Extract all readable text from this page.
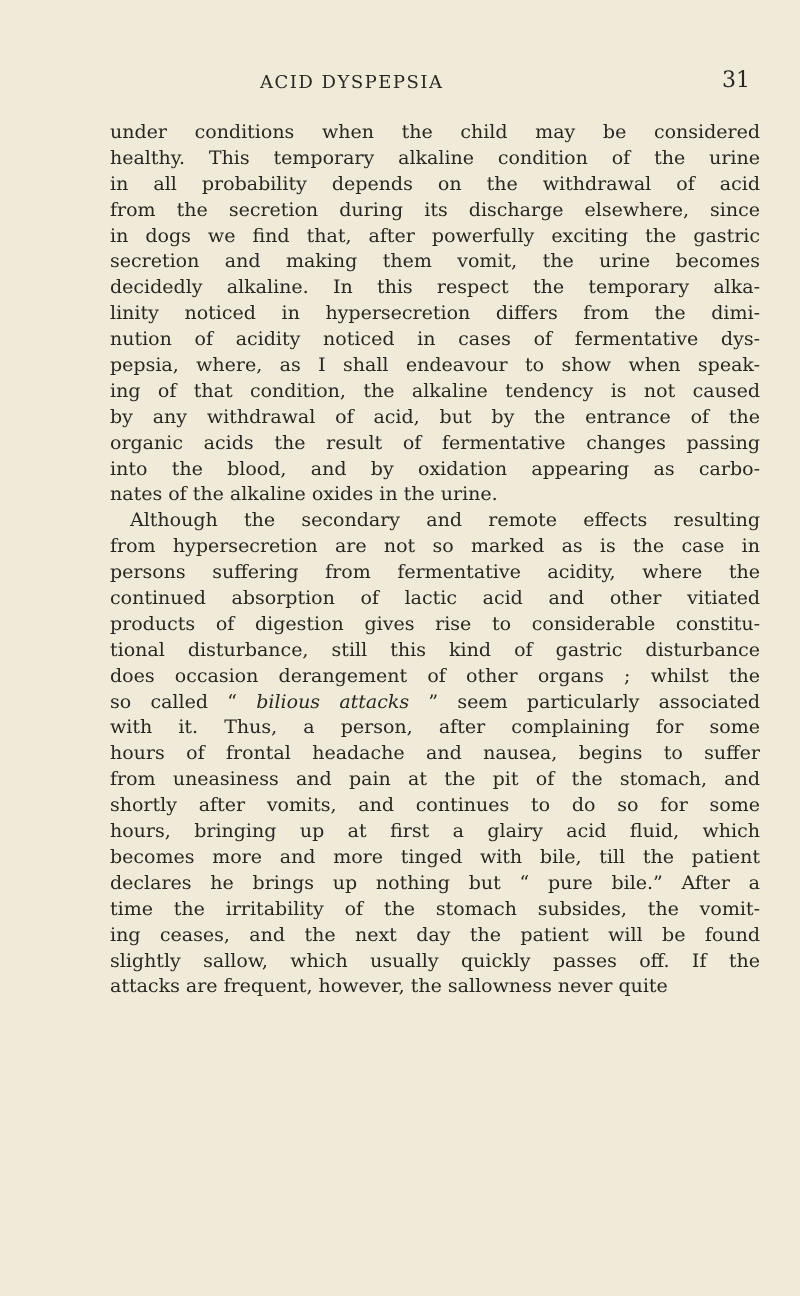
ACID DYSPEPSIA	31
under conditions when the child may be considered
healthy. This temporary alkaline condition of the urine
in all probability depends on the withdrawal of acid
from the secretion during its discharge elsewhere, since
in dogs we find that, after powerfully exciting the gastric
secretion and making them vomit, the urine becomes
decidedly alkaline. In this respect the temporary alka-
linity noticed in hypersecretion differs from the dimi-
nution of acidity noticed in cases of fermentative dys-
pepsia, where, as I shall endeavour to show when speak-
ing of that condition, the alkaline tendency is not caused
by any withdrawal of acid, but by the entrance of the
organic acids the result of fermentative changes passing
into the blood, and by oxidation appearing as carbo-
nates of the alkaline oxides in the urine.
Although the secondary and remote effects resulting
from hypersecretion are not so marked as is the case in
persons suffering from fermentative acidity, where the
continued absorption of lactic acid and other vitiated
products of digestion gives rise to considerable constitu-
tional disturbance, still this kind of gastric disturbance
does occasion derangement of other organs ; whilst the
so called “ bilious attacks ” seem particularly associated
with it. Thus, a person, after complaining for some
hours of frontal headache and nausea, begins to suffer
from uneasiness and pain at the pit of the stomach, and
shortly after vomits, and continues to do so for some
hours, bringing up at first a glairy acid fluid, which
becomes more and more tinged with bile, till the patient
declares he brings up nothing but “ pure bile.” After a
time the irritability of the stomach subsides, the vomit-
ing ceases, and the next day the patient will be found
slightly sallow, which usually quickly passes off. If the
attacks are frequent, however, the sallowness never quite
